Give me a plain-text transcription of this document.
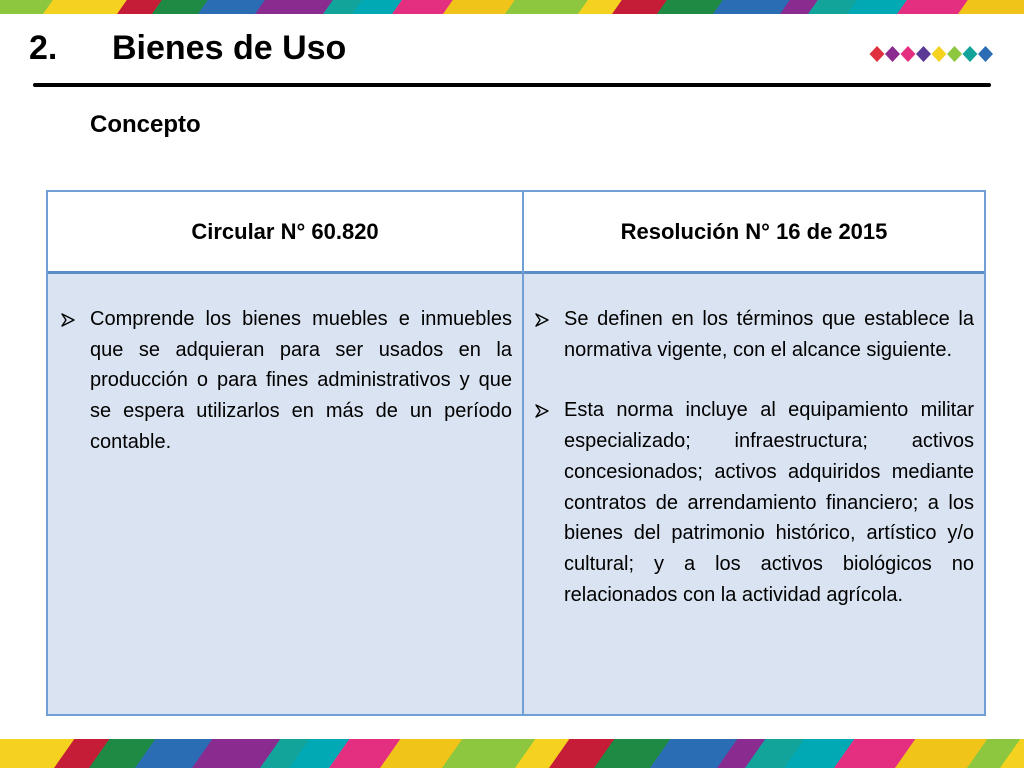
2. Bienes de Uso
Concepto
Circular N° 60.820	Resolución N° 16 de 2015

Comprende los bienes muebles e inmuebles que se adquieran para ser usados en la producción o para fines administrativos y que se espera utilizarlos en más de un período contable.

Se definen en los términos que establece la normativa vigente, con el alcance siguiente.

Esta norma incluye al equipamiento militar especializado; infraestructura; activos concesionados; activos adquiridos mediante contratos de arrendamiento financiero; a los bienes del patrimonio histórico, artístico y/o cultural; y a los activos biológicos no relacionados con la actividad agrícola.
